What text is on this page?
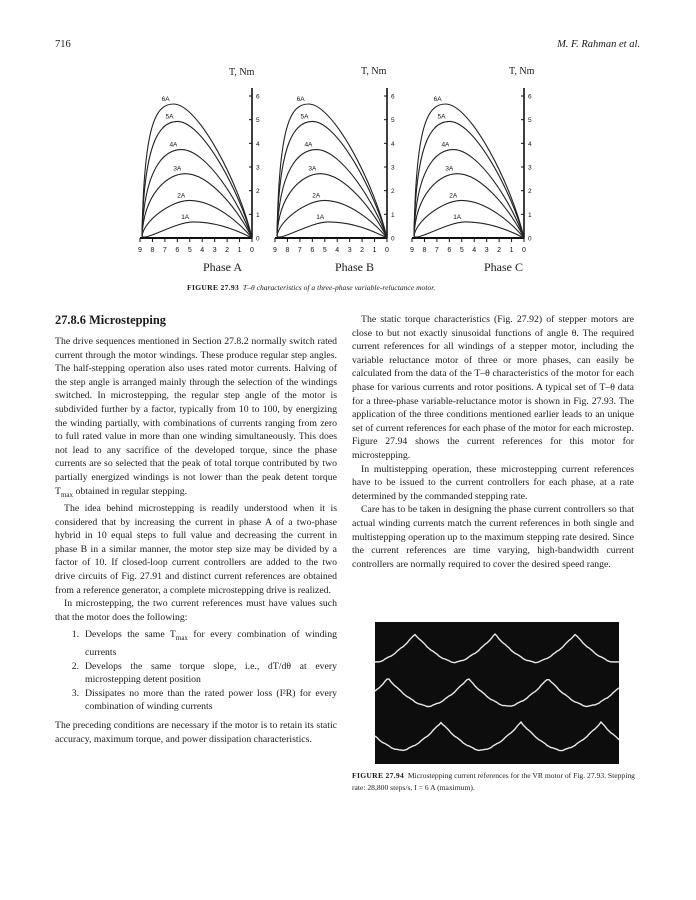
716	M. F. Rahman et al.
T, Nm	T, Nm	T, Nm
9 8 7 6 5 4 3 2 1 0
6
5
4
3
2
1
0
6A
5A
4A
3A
2A
1A
9 8 7 6 5 4 3 2 1 0
6
5
4
3
2
1
0
6A
5A
4A
3A
2A
1A
9 8 7 6 5 4 3 2 1 0
6
5
4
3
2
1
0
6A
5A
4A
3A
2A
1A
Phase A	Phase B	Phase C
FIGURE 27.93 T–θ characteristics of a three-phase variable-reluctance motor.
27.8.6 Microstepping

The drive sequences mentioned in Section 27.8.2 normally switch rated current through the motor windings. These produce regular step angles. The half-stepping operation also uses rated motor currents. Halving of the step angle is arranged mainly through the selection of the windings switched. In microstepping, the regular step angle of the motor is subdivided further by a factor, typically from 10 to 100, by energizing the winding partially, with combinations of currents ranging from zero to full rated value in more than one winding simultaneously. This does not lead to any sacrifice of the developed torque, since the phase currents are so selected that the peak of total torque contributed by two partially energized windings is not lower than the peak detent torque $T_{max}$ obtained in regular stepping.

The idea behind microstepping is readily understood when it is considered that by increasing the current in phase A of a two-phase hybrid in 10 equal steps to full value and decreasing the current in phase B in a similar manner, the motor step size may be divided by a factor of 10. If closed-loop current controllers are added to the two drive circuits of Fig. 27.91 and distinct current references are obtained from a reference generator, a complete microstepping drive is realized.

In microstepping, the two current references must have values such that the motor does the following:

1. Develops the same $T_{max}$ for every combination of winding currents
2. Develops the same torque slope, i.e., dT/dθ at every microstepping detent position
3. Dissipates no more than the rated power loss (I²R) for every combination of winding currents

The preceding conditions are necessary if the motor is to retain its static accuracy, maximum torque, and power dissipation characteristics.

The static torque characteristics (Fig. 27.92) of stepper motors are close to but not exactly sinusoidal functions of angle θ. The required current references for all windings of a stepper motor, including the variable reluctance motor of three or more phases, can easily be calculated from the data of the T–θ characteristics of the motor for each phase for various currents and rotor positions. A typical set of T–θ data for a three-phase variable-reluctance motor is shown in Fig. 27.93. The application of the three conditions mentioned earlier leads to an unique set of current references for each phase of the motor for each microstep. Figure 27.94 shows the current references for this motor for microstepping.

In multistepping operation, these microstepping current references have to be issued to the current controllers for each phase, at a rate determined by the commanded stepping rate.

Care has to be taken in designing the phase current controllers so that actual winding currents match the current references in both single and multistepping operation up to the maximum stepping rate desired. Since the current references are time varying, high-bandwidth current controllers are normally required to cover the desired speed range.

FIGURE 27.94 Microstepping current references for the VR motor of Fig. 27.93. Stepping rate: 28,800 steps/s, I = 6 A (maximum).
